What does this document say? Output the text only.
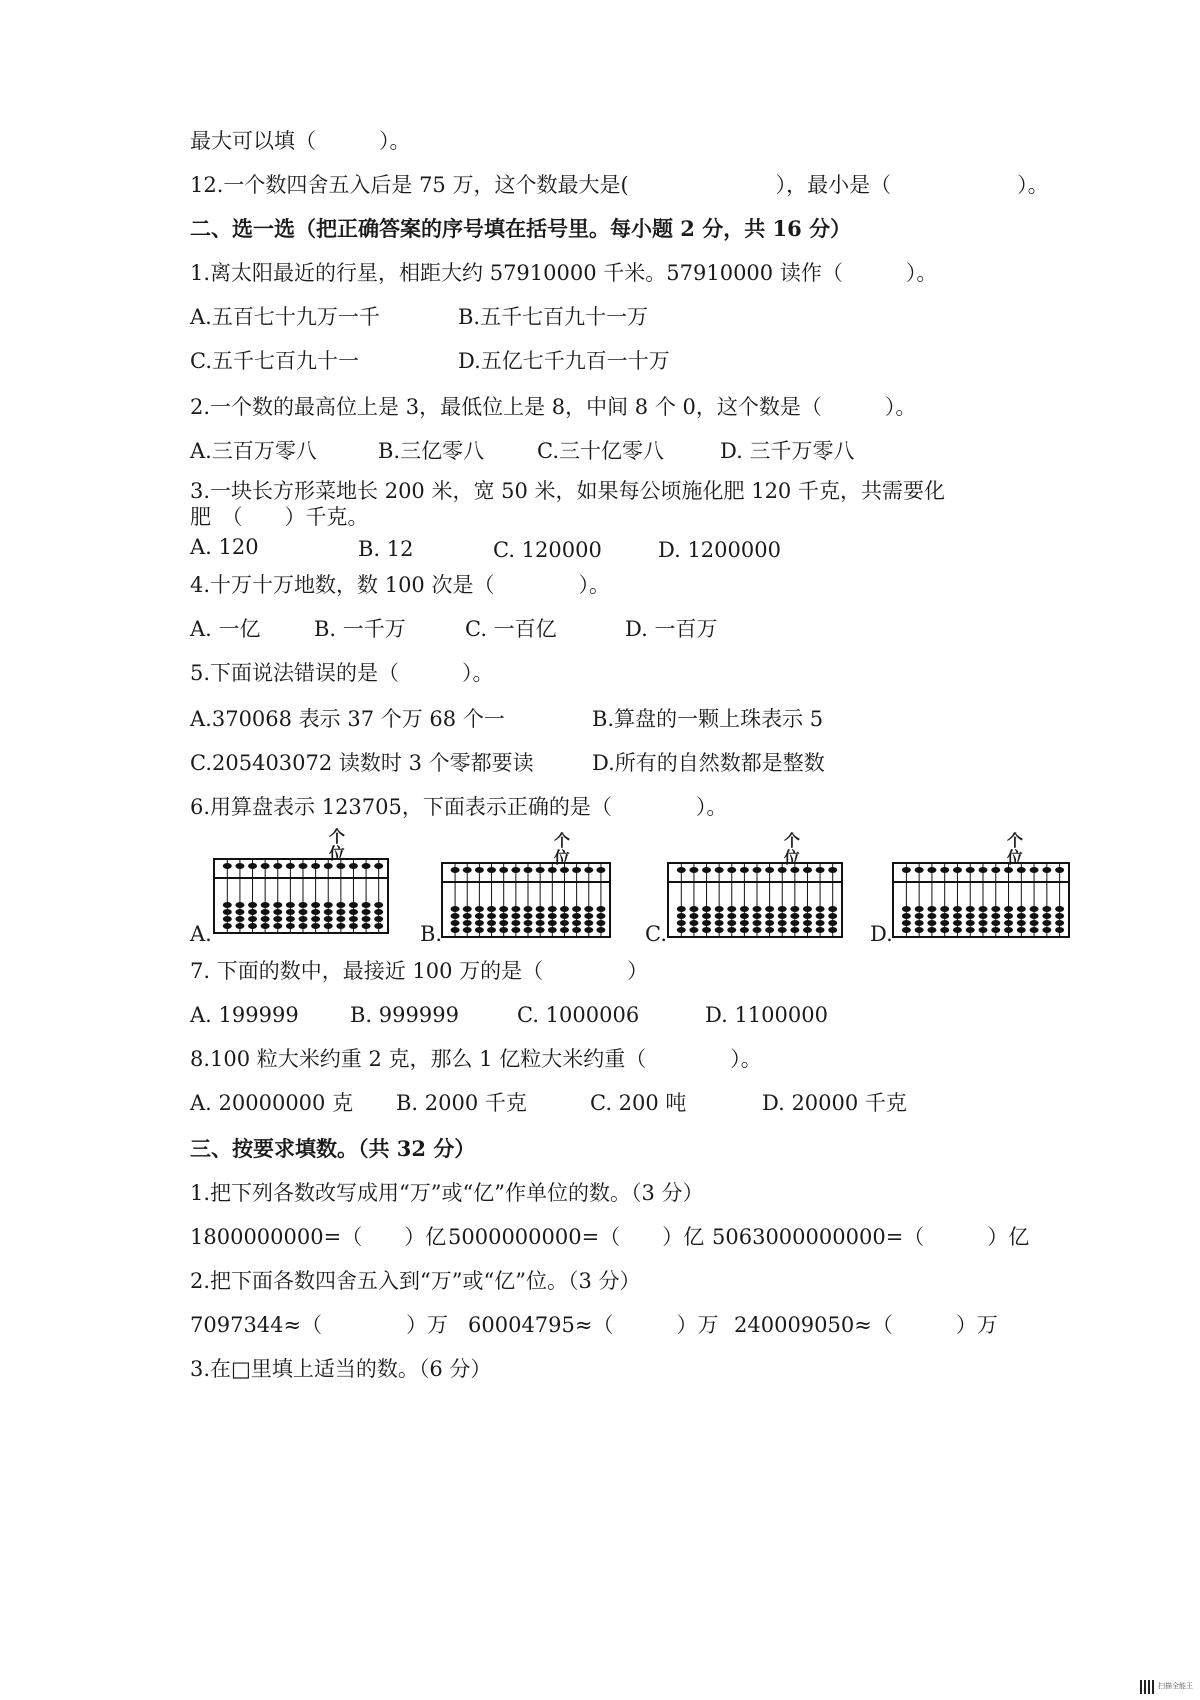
最大可以填（　　　）。
12.一个数四舍五入后是 75 万，这个数最大是(　　　　　　　），最小是（　　　　　　）。
二、选一选（把正确答案的序号填在括号里。每小题 2 分，共 16 分）
1.离太阳最近的行星，相距大约 57910000 千米。57910000 读作（　　　）。
A.五百七十九万一千	B.五千七百九十一万
C.五千七百九十一	D.五亿七千九百一十万
2.一个数的最高位上是 3，最低位上是 8，中间 8 个 0，这个数是（　　　）。
A.三百万零八	B.三亿零八	C.三十亿零八	D. 三千万零八
3.一块长方形菜地长 200 米，宽 50 米，如果每公顷施化肥 120 千克，共需要化
肥　（　　）千克。
A. 120	B. 12	C. 120000	D. 1200000
4.十万十万地数，数 100 次是（　　　　）。
A. 一亿	B. 一千万	C. 一百亿	D. 一百万
5.下面说法错误的是（　　　）。
A.370068 表示 37 个万 68 个一	B.算盘的一颗上珠表示 5
C.205403072 读数时 3 个零都要读	D.所有的自然数都是整数
6.用算盘表示 123705，下面表示正确的是（　　　　）。
个
位
A.
个
位
B.
个
位
C.
个
位
D.
7. 下面的数中，最接近 100 万的是（　　　　）
A. 199999 B. 999999	C. 1000006	D. 1100000
8.100 粒大米约重 2 克，那么 1 亿粒大米约重（　　　　）。
A. 20000000 克 B. 2000 千克	C. 200 吨	D. 20000 千克
三、按要求填数。（共 32 分）
1.把下列各数改写成用“万”或“亿”作单位的数。（3 分）
1800000000=（　　）亿 5000000000=（　　）亿 5063000000000=（　　　）亿
2.把下面各数四舍五入到“万”或“亿”位。（3 分）
7097344≈（　　　　）万 60004795≈（　　　）万 240009050≈（　　　）万
3.在□里填上适当的数。（6 分）
扫描全能王
